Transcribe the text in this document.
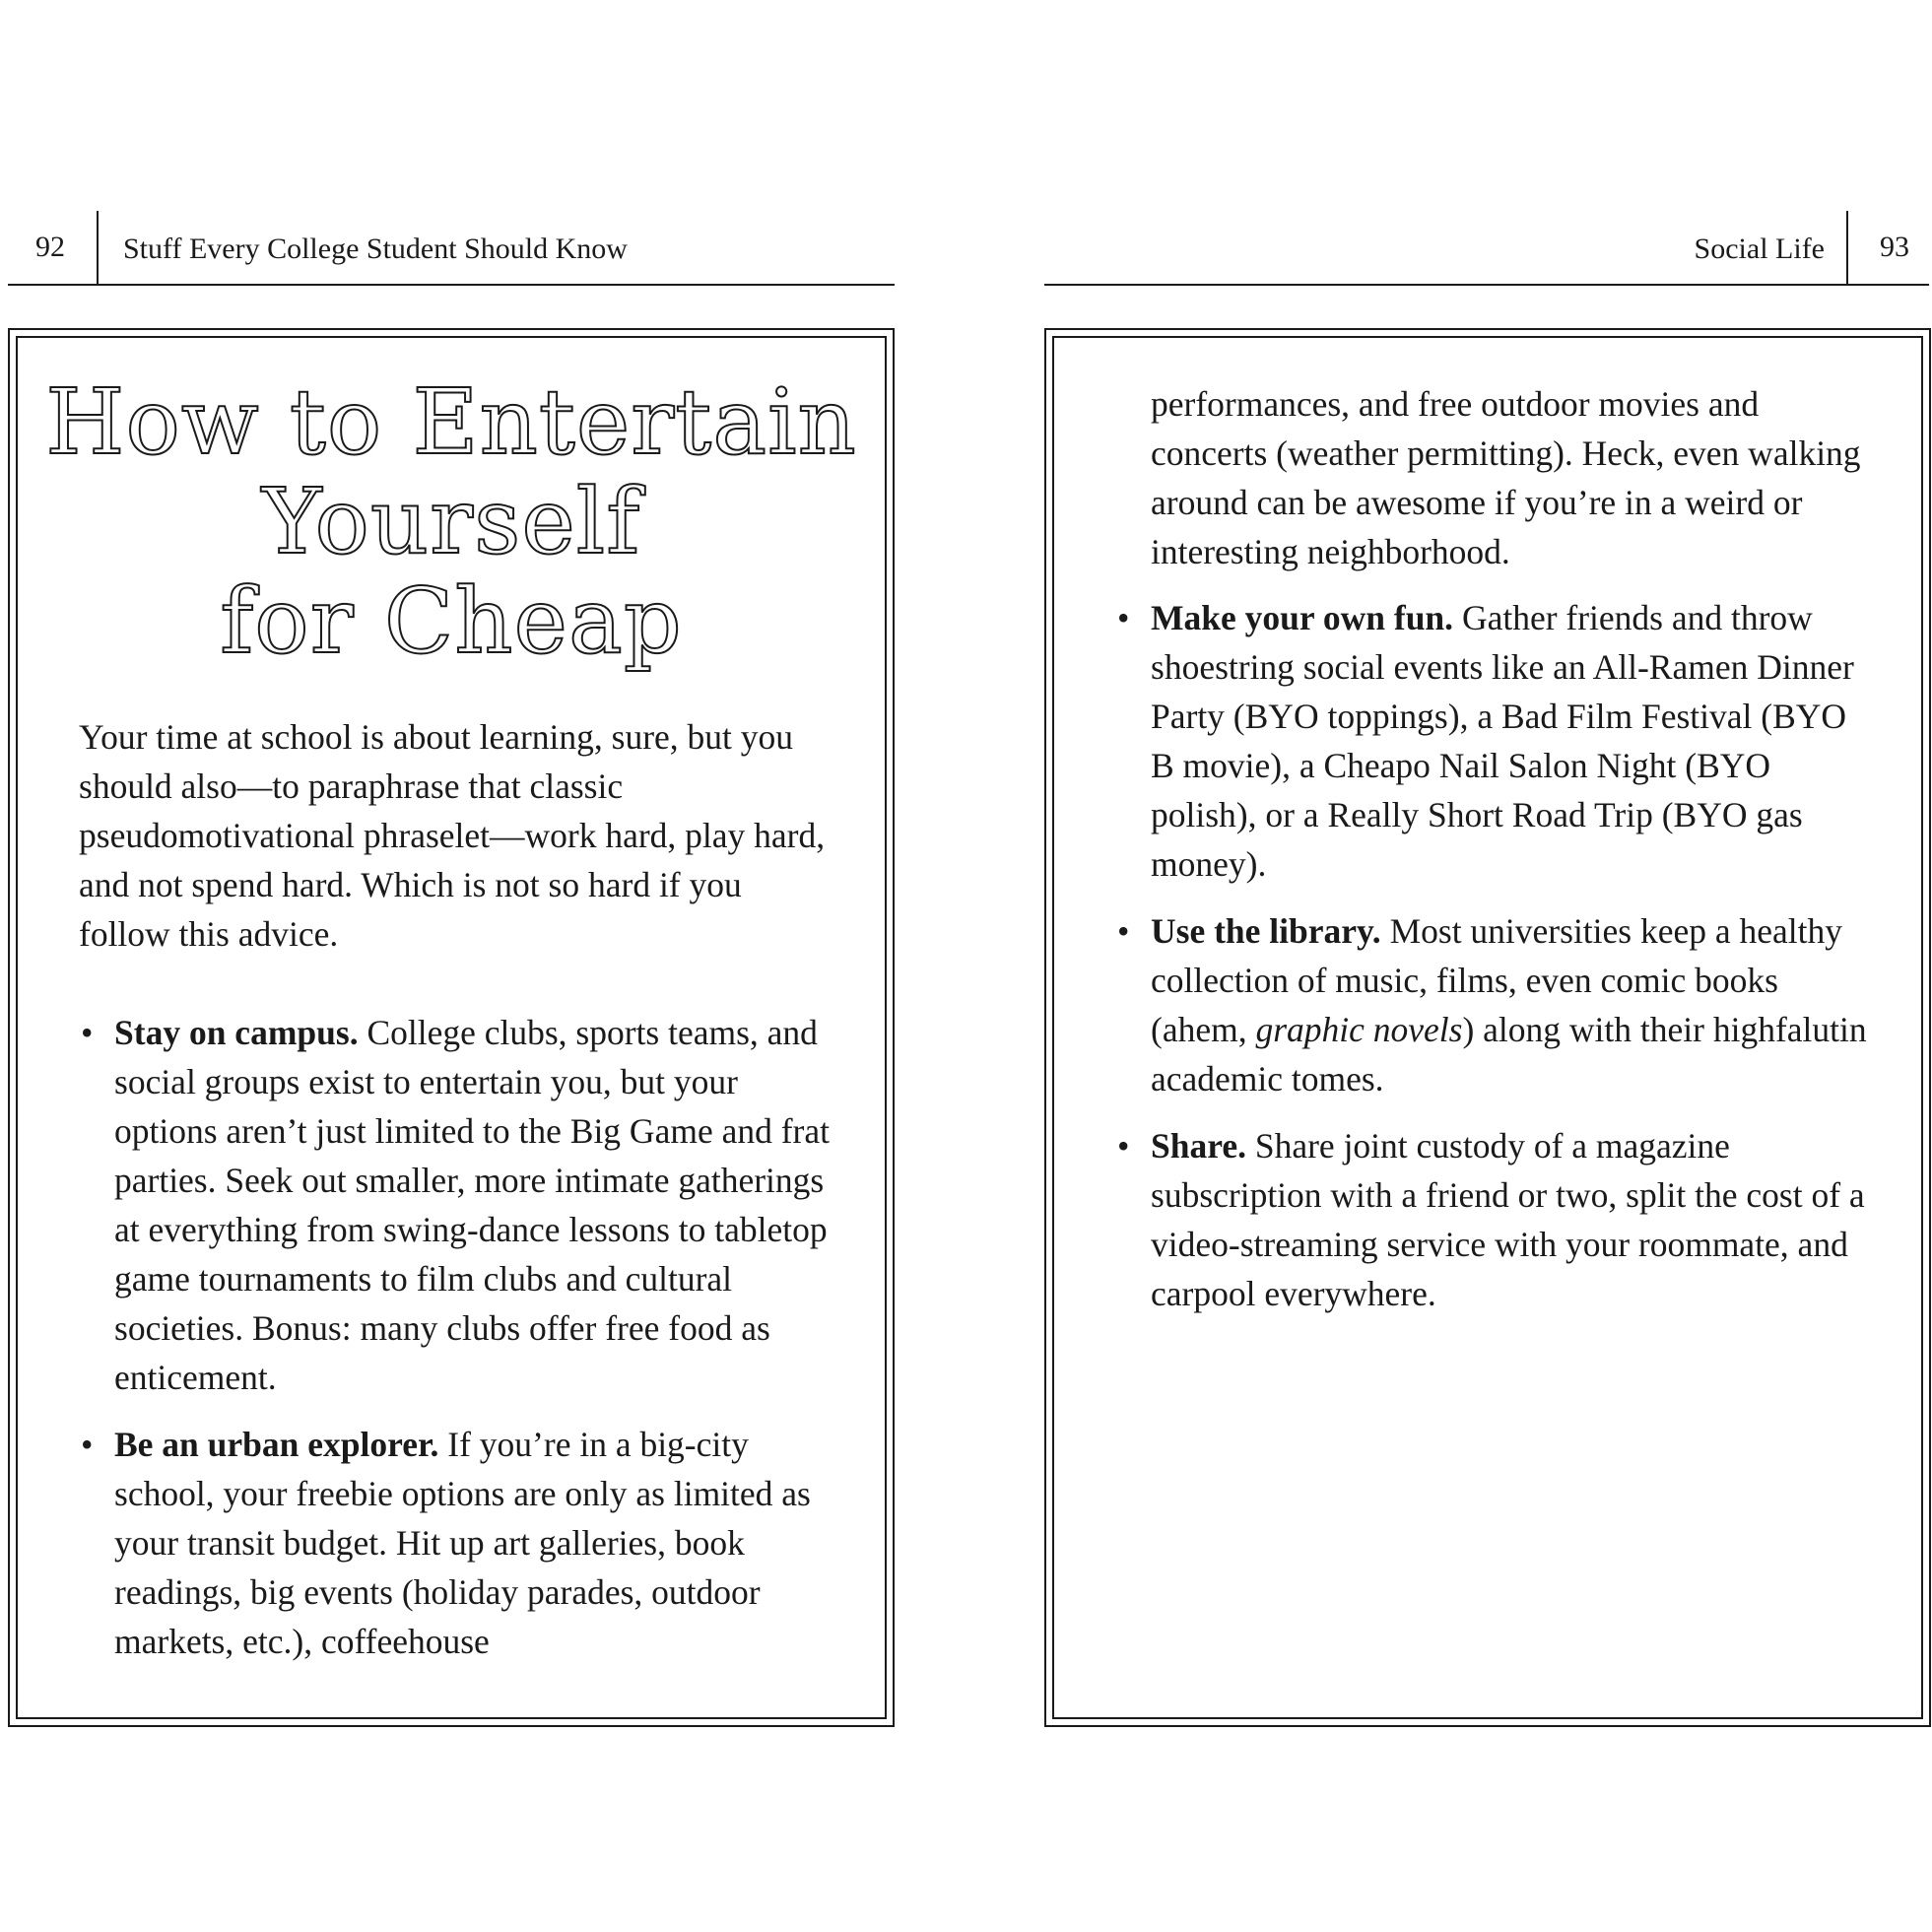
92 Stuff Every College Student Should Know	Social Life 93
How to Entertain
Yourself
for Cheap

Your time at school is about learning, sure, but you should also—to paraphrase that classic pseudomotivational phraselet—work hard, play hard, and not spend hard. Which is not so hard if you follow this advice.

• Stay on campus. College clubs, sports teams, and social groups exist to entertain you, but your options aren’t just limited to the Big Game and frat parties. Seek out smaller, more intimate gatherings at everything from swing-dance lessons to tabletop game tournaments to film clubs and cultural societies. Bonus: many clubs offer free food as enticement.
• Be an urban explorer. If you’re in a big-city school, your freebie options are only as limited as your transit budget. Hit up art galleries, book readings, big events (holiday parades, outdoor markets, etc.), coffeehouse

performances, and free outdoor movies and concerts (weather permitting). Heck, even walking around can be awesome if you’re in a weird or interesting neighborhood.

• Make your own fun. Gather friends and throw shoestring social events like an All-Ramen Dinner Party (BYO toppings), a Bad Film Festival (BYO B movie), a Cheapo Nail Salon Night (BYO polish), or a Really Short Road Trip (BYO gas money).
• Use the library. Most universities keep a healthy collection of music, films, even comic books (ahem, graphic novels) along with their highfalutin academic tomes.
• Share. Share joint custody of a magazine subscription with a friend or two, split the cost of a video-streaming service with your roommate, and carpool everywhere.
